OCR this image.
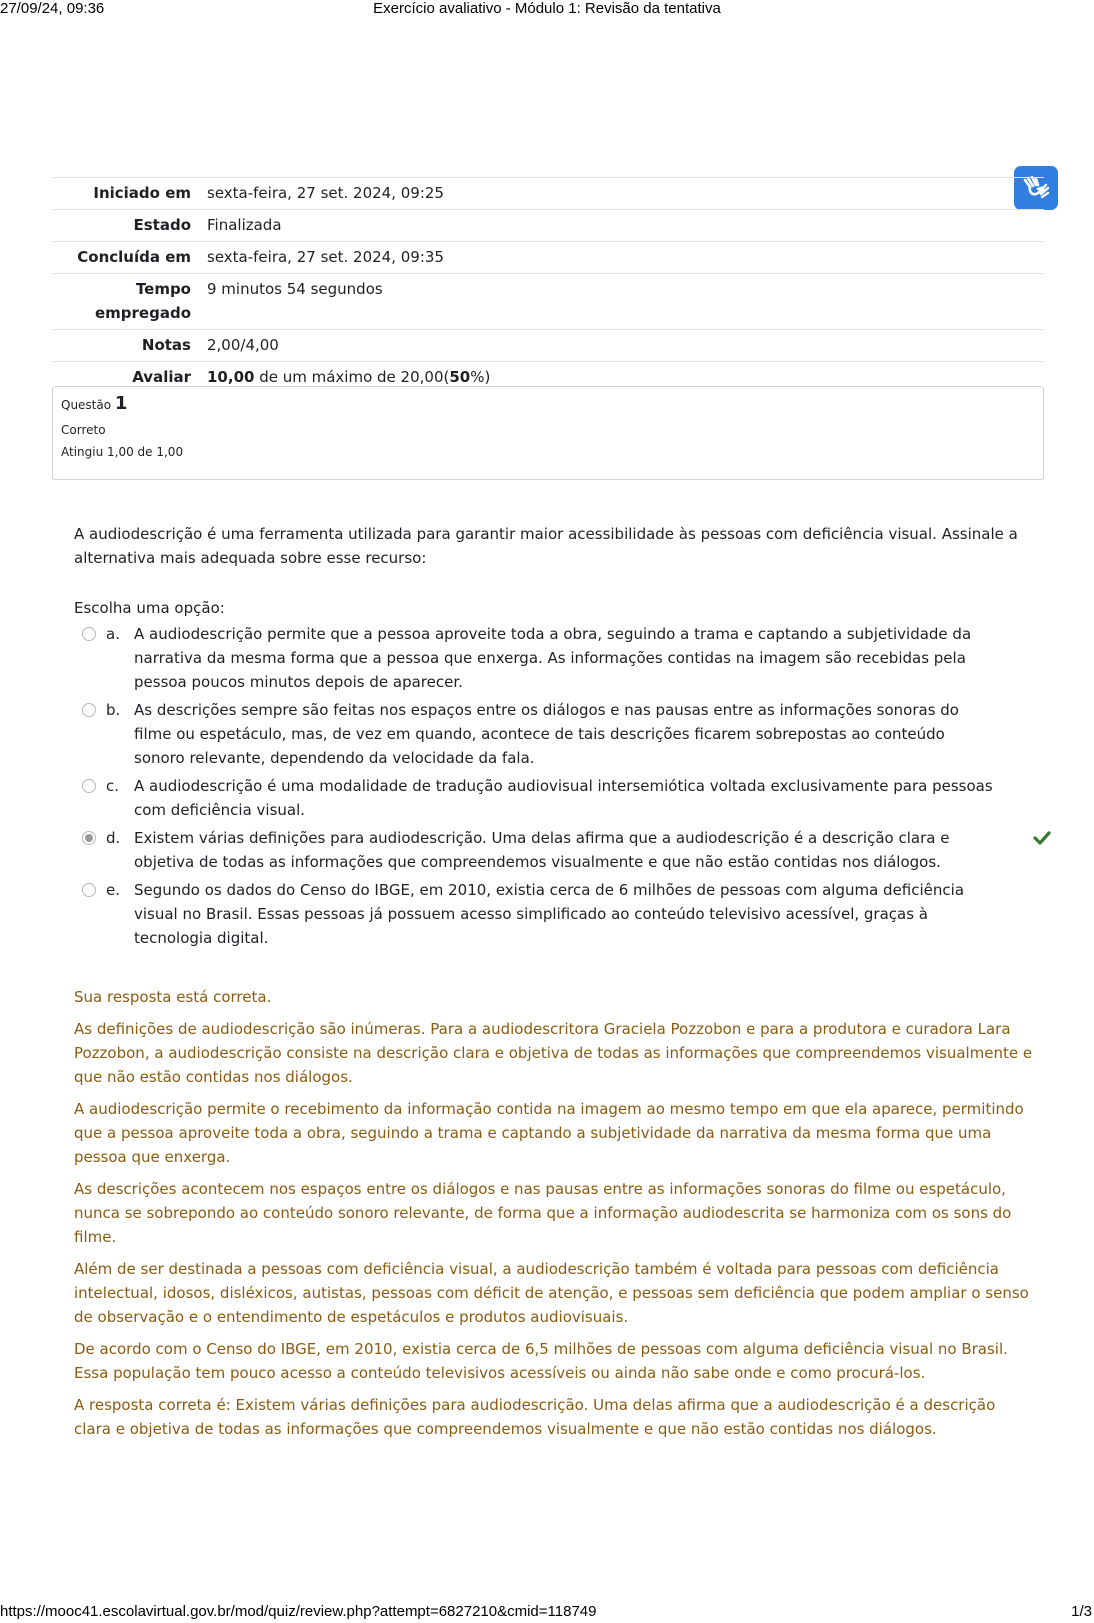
27/09/24, 09:36	Exercício avaliativo - Módulo 1: Revisão da tentativa
Iniciado em	sexta-feira, 27 set. 2024, 09:25
Estado	Finalizada
Concluída em	sexta-feira, 27 set. 2024, 09:35
Tempo
empregado	9 minutos 54 segundos
Notas	2,00/4,00
Avaliar	10,00 de um máximo de 20,00(50%)
Questão 1
Correto
Atingiu 1,00 de 1,00
A audiodescrição é uma ferramenta utilizada para garantir maior acessibilidade às pessoas com deficiência visual. Assinale a alternativa mais adequada sobre esse recurso:
Escolha uma opção:
a. A audiodescrição permite que a pessoa aproveite toda a obra, seguindo a trama e captando a subjetividade da narrativa da mesma forma que a pessoa que enxerga. As informações contidas na imagem são recebidas pela pessoa poucos minutos depois de aparecer.
b. As descrições sempre são feitas nos espaços entre os diálogos e nas pausas entre as informações sonoras do filme ou espetáculo, mas, de vez em quando, acontece de tais descrições ficarem sobrepostas ao conteúdo sonoro relevante, dependendo da velocidade da fala.
c. A audiodescrição é uma modalidade de tradução audiovisual intersemiótica voltada exclusivamente para pessoas com deficiência visual.
d. Existem várias definições para audiodescrição. Uma delas afirma que a audiodescrição é a descrição clara e objetiva de todas as informações que compreendemos visualmente e que não estão contidas nos diálogos.
e. Segundo os dados do Censo do IBGE, em 2010, existia cerca de 6 milhões de pessoas com alguma deficiência visual no Brasil. Essas pessoas já possuem acesso simplificado ao conteúdo televisivo acessível, graças à tecnologia digital.

Sua resposta está correta.

As definições de audiodescrição são inúmeras. Para a audiodescritora Graciela Pozzobon e para a produtora e curadora Lara Pozzobon, a audiodescrição consiste na descrição clara e objetiva de todas as informações que compreendemos visualmente e que não estão contidas nos diálogos.

A audiodescrição permite o recebimento da informação contida na imagem ao mesmo tempo em que ela aparece, permitindo que a pessoa aproveite toda a obra, seguindo a trama e captando a subjetividade da narrativa da mesma forma que uma pessoa que enxerga.

As descrições acontecem nos espaços entre os diálogos e nas pausas entre as informações sonoras do filme ou espetáculo, nunca se sobrepondo ao conteúdo sonoro relevante, de forma que a informação audiodescrita se harmoniza com os sons do filme.

Além de ser destinada a pessoas com deficiência visual, a audiodescrição também é voltada para pessoas com deficiência intelectual, idosos, disléxicos, autistas, pessoas com déficit de atenção, e pessoas sem deficiência que podem ampliar o senso de observação e o entendimento de espetáculos e produtos audiovisuais.

De acordo com o Censo do IBGE, em 2010, existia cerca de 6,5 milhões de pessoas com alguma deficiência visual no Brasil. Essa população tem pouco acesso a conteúdo televisivos acessíveis ou ainda não sabe onde e como procurá-los.

A resposta correta é: Existem várias definições para audiodescrição. Uma delas afirma que a audiodescrição é a descrição clara e objetiva de todas as informações que compreendemos visualmente e que não estão contidas nos diálogos.

https://mooc41.escolavirtual.gov.br/mod/quiz/review.php?attempt=6827210&cmid=118749	1/3
